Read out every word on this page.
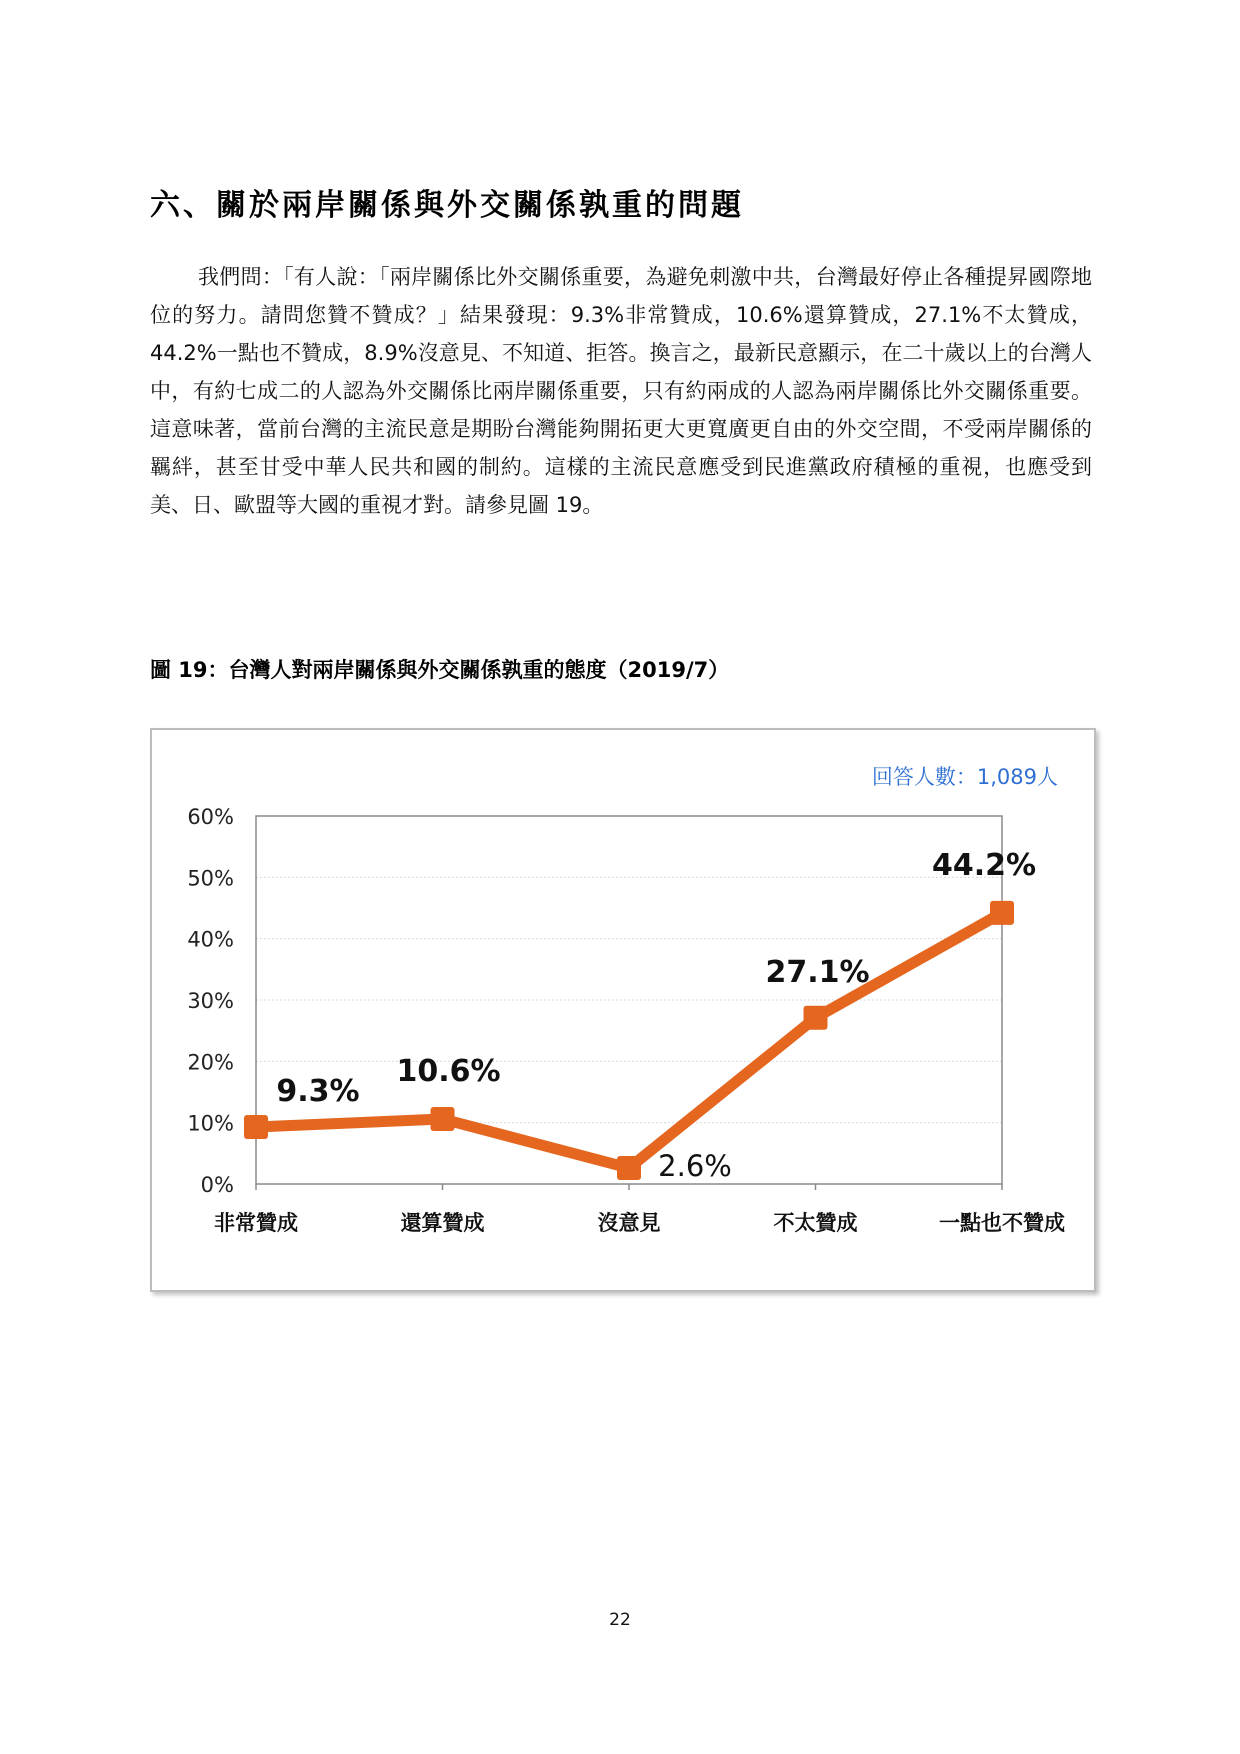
六、關於兩岸關係與外交關係孰重的問題

我們問：「有人說：「兩岸關係比外交關係重要，為避免刺激中共，台灣最好停止各種提昇國際地位的努力。請問您贊不贊成？」結果發現：9.3%非常贊成，10.6%還算贊成，27.1%不太贊成，44.2%一點也不贊成，8.9%沒意見、不知道、拒答。換言之，最新民意顯示，在二十歲以上的台灣人中，有約七成二的人認為外交關係比兩岸關係重要，只有約兩成的人認為兩岸關係比外交關係重要。這意味著，當前台灣的主流民意是期盼台灣能夠開拓更大更寬廣更自由的外交空間，不受兩岸關係的羈絆，甚至甘受中華人民共和國的制約。這樣的主流民意應受到民進黨政府積極的重視，也應受到美、日、歐盟等大國的重視才對。請參見圖 19。

圖 19：台灣人對兩岸關係與外交關係孰重的態度（2019/7）
回答人數：1,089人
0%
10%
20%
30%
40%
50%
60%
非常贊成	還算贊成	沒意見	不太贊成	一點也不贊成
9.3%
10.6%
2.6%
27.1%
44.2%
22
